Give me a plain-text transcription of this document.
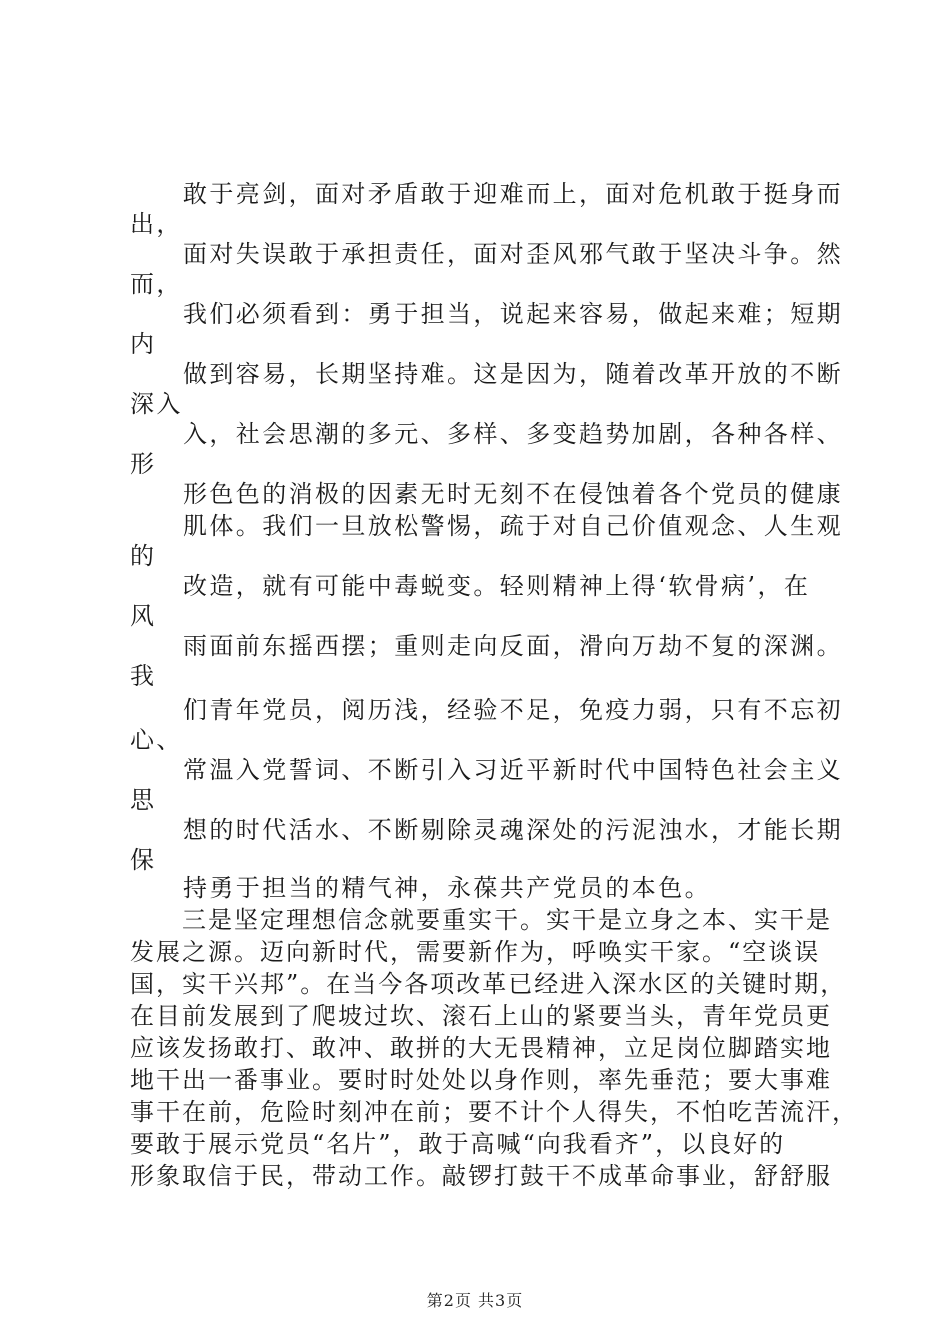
敢于亮剑，面对矛盾敢于迎难而上，面对危机敢于挺身而
出，
面对失误敢于承担责任，面对歪风邪气敢于坚决斗争。然
而，
我们必须看到：勇于担当，说起来容易，做起来难；短期
内
做到容易，长期坚持难。这是因为，随着改革开放的不断
深入
入，社会思潮的多元、多样、多变趋势加剧，各种各样、
形
形色色的消极的因素无时无刻不在侵蚀着各个党员的健康
肌体。我们一旦放松警惕，疏于对自己价值观念、人生观
的
改造，就有可能中毒蜕变。轻则精神上得‘软骨病’，在
风
雨面前东摇西摆；重则走向反面，滑向万劫不复的深渊。
我
们青年党员，阅历浅，经验不足，免疫力弱，只有不忘初
心、
常温入党誓词、不断引入习近平新时代中国特色社会主义
思
想的时代活水、不断剔除灵魂深处的污泥浊水，才能长期
保
持勇于担当的精气神，永葆共产党员的本色。
三是坚定理想信念就要重实干。实干是立身之本、实干是
发展之源。迈向新时代，需要新作为，呼唤实干家。“空谈误
国，实干兴邦”。在当今各项改革已经进入深水区的关键时期，
在目前发展到了爬坡过坎、滚石上山的紧要当头，青年党员更
应该发扬敢打、敢冲、敢拼的大无畏精神，立足岗位脚踏实地
地干出一番事业。要时时处处以身作则，率先垂范；要大事难
事干在前，危险时刻冲在前；要不计个人得失，不怕吃苦流汗，
要敢于展示党员“名片”，敢于高喊“向我看齐”，以良好的
形象取信于民，带动工作。敲锣打鼓干不成革命事业，舒舒服
第2页 共3页
